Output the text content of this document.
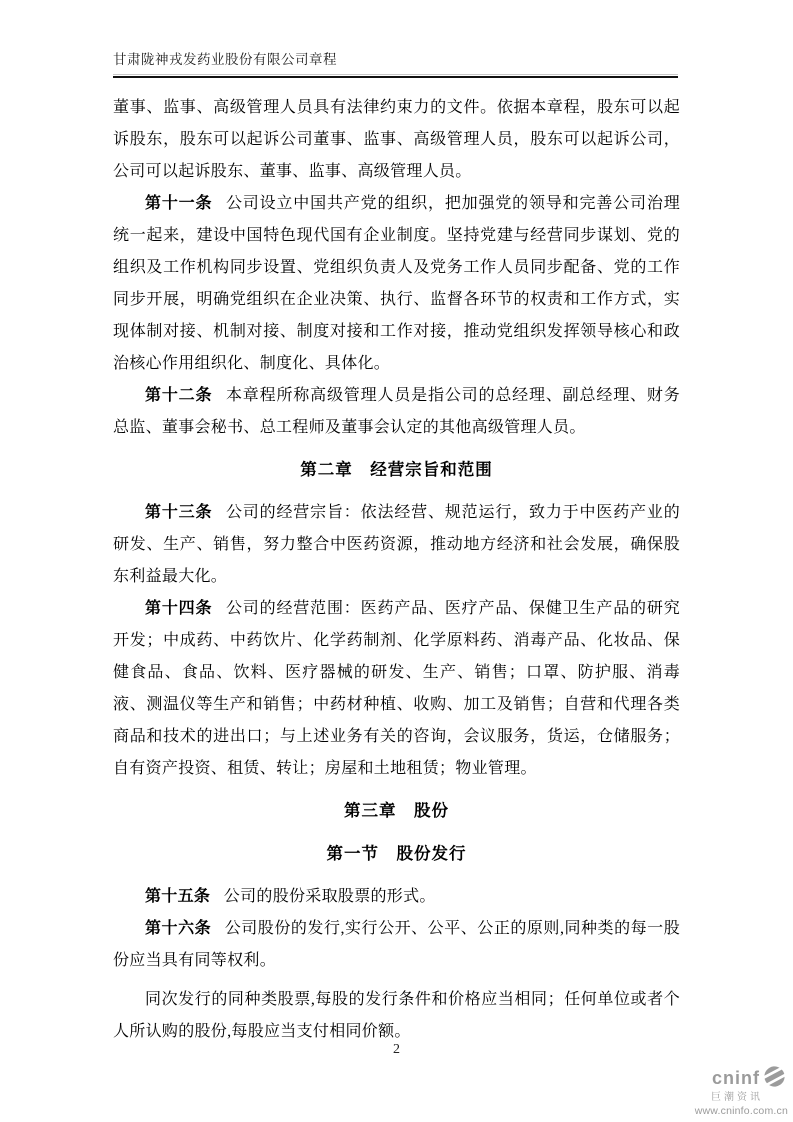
甘肃陇神戎发药业股份有限公司章程

董事、监事、高级管理人员具有法律约束力的文件。依据本章程，股东可以起诉股东，股东可以起诉公司董事、监事、高级管理人员，股东可以起诉公司，公司可以起诉股东、董事、监事、高级管理人员。

第十一条 公司设立中国共产党的组织，把加强党的领导和完善公司治理统一起来，建设中国特色现代国有企业制度。坚持党建与经营同步谋划、党的组织及工作机构同步设置、党组织负责人及党务工作人员同步配备、党的工作同步开展，明确党组织在企业决策、执行、监督各环节的权责和工作方式，实现体制对接、机制对接、制度对接和工作对接，推动党组织发挥领导核心和政治核心作用组织化、制度化、具体化。

第十二条 本章程所称高级管理人员是指公司的总经理、副总经理、财务总监、董事会秘书、总工程师及董事会认定的其他高级管理人员。

第二章　经营宗旨和范围

第十三条 公司的经营宗旨：依法经营、规范运行，致力于中医药产业的研发、生产、销售，努力整合中医药资源，推动地方经济和社会发展，确保股东利益最大化。

第十四条 公司的经营范围：医药产品、医疗产品、保健卫生产品的研究开发；中成药、中药饮片、化学药制剂、化学原料药、消毒产品、化妆品、保健食品、食品、饮料、医疗器械的研发、生产、销售；口罩、防护服、消毒液、测温仪等生产和销售；中药材种植、收购、加工及销售；自营和代理各类商品和技术的进出口；与上述业务有关的咨询，会议服务，货运，仓储服务；自有资产投资、租赁、转让；房屋和土地租赁；物业管理。

第三章　股份
第一节　股份发行

第十五条 公司的股份采取股票的形式。

第十六条 公司股份的发行,实行公开、公平、公正的原则,同种类的每一股份应当具有同等权利。

同次发行的同种类股票,每股的发行条件和价格应当相同；任何单位或者个人所认购的股份,每股应当支付相同价额。

2
cninf
巨潮资讯
www.cninfo.com.cn
